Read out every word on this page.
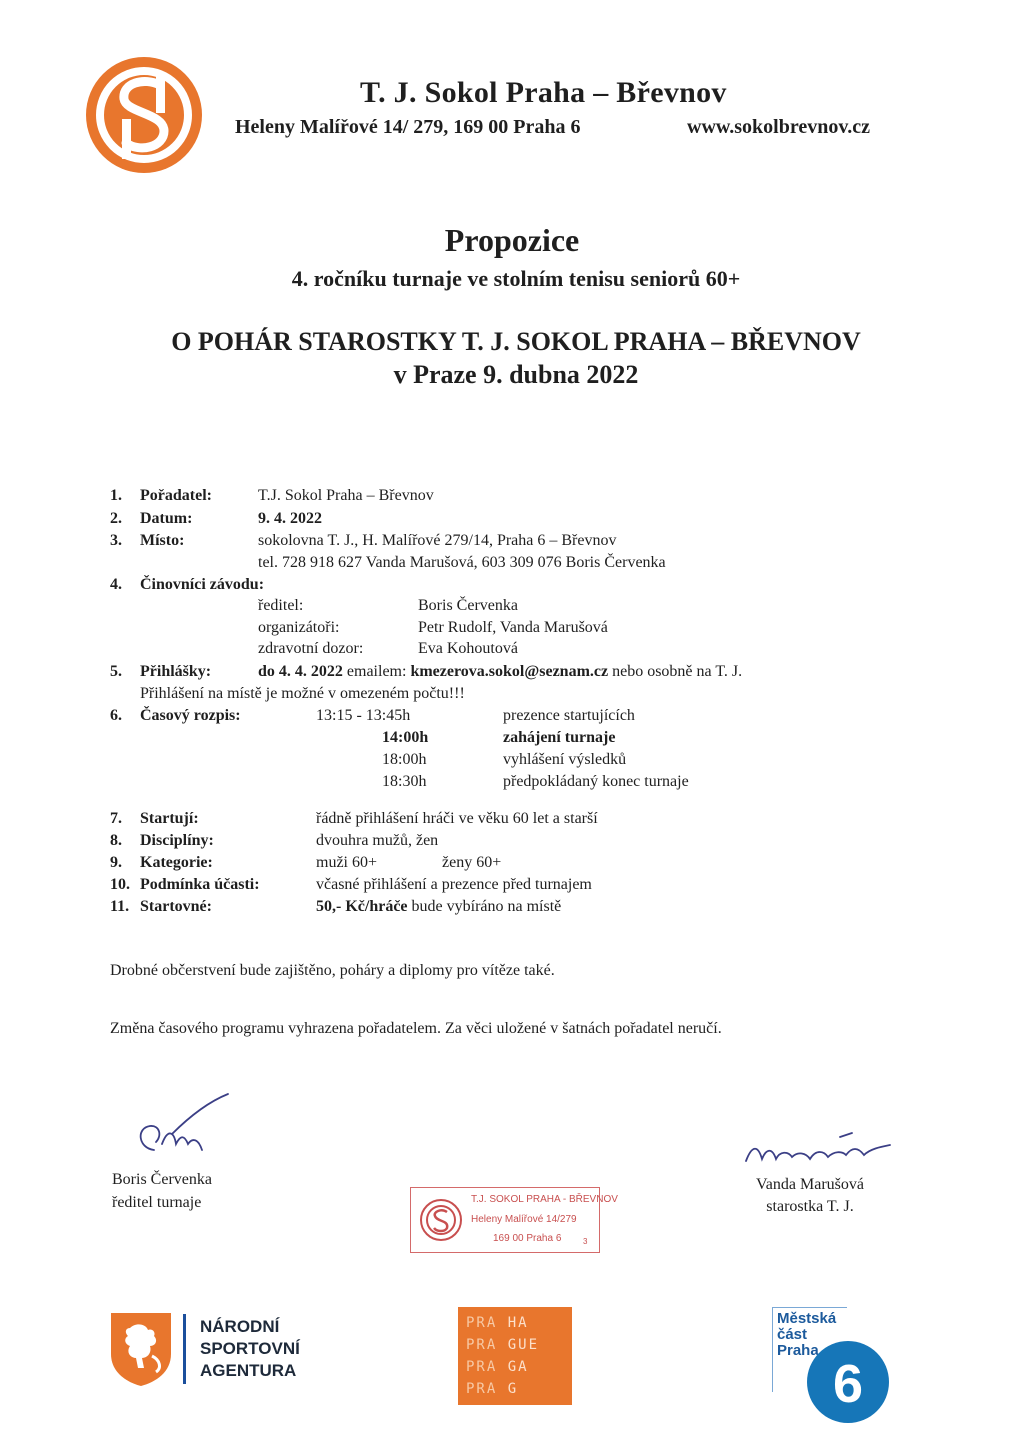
T. J. Sokol Praha – Břevnov
Heleny Malířové 14/ 279, 169 00 Praha 6	www.sokolbrevnov.cz
Propozice
4. ročníku turnaje ve stolním tenisu seniorů 60+
O POHÁR STAROSTKY T. J. SOKOL PRAHA – BŘEVNOV
v Praze 9. dubna 2022
1. Pořadatel:	T.J. Sokol Praha – Břevnov
2. Datum:	9. 4. 2022
3. Místo:	sokolovna T. J., H. Malířové 279/14, Praha 6 – Břevnov
tel. 728 918 627 Vanda Marušová, 603 309 076 Boris Červenka
4. Činovníci závodu:
ředitel:	Boris Červenka
organizátoři:	Petr Rudolf, Vanda Marušová
zdravotní dozor:	Eva Kohoutová
5. Přihlášky:	do 4. 4. 2022 emailem: kmezerova.sokol@seznam.cz nebo osobně na T. J.
Přihlášení na místě je možné v omezeném počtu!!!
6. Časový rozpis:	13:15 - 13:45h	prezence startujících
14:00h	zahájení turnaje
18:00h	vyhlášení výsledků
18:30h	předpokládaný konec turnaje
7. Startují:	řádně přihlášení hráči ve věku 60 let a starší
8. Disciplíny:	dvouhra mužů, žen
9. Kategorie:	muži 60+	ženy 60+
10. Podmínka účasti:	včasné přihlášení a prezence před turnajem
11. Startovné:	50,- Kč/hráče bude vybíráno na místě
Drobné občerstvení bude zajištěno, poháry a diplomy pro vítěze také.
Změna časového programu vyhrazena pořadatelem. Za věci uložené v šatnách pořadatel neručí.
Boris Červenka
ředitel turnaje
Vanda Marušová
starostka T. J.
T.J. SOKOL PRAHA - BŘEVNOV
Heleny Malířové 14/279
169 00 Praha 6	3
NÁRODNÍ
SPORTOVNÍ
AGENTURA
PRA HA
PRA GUE
PRA GA
PRA G
Městská
část
Praha
6
